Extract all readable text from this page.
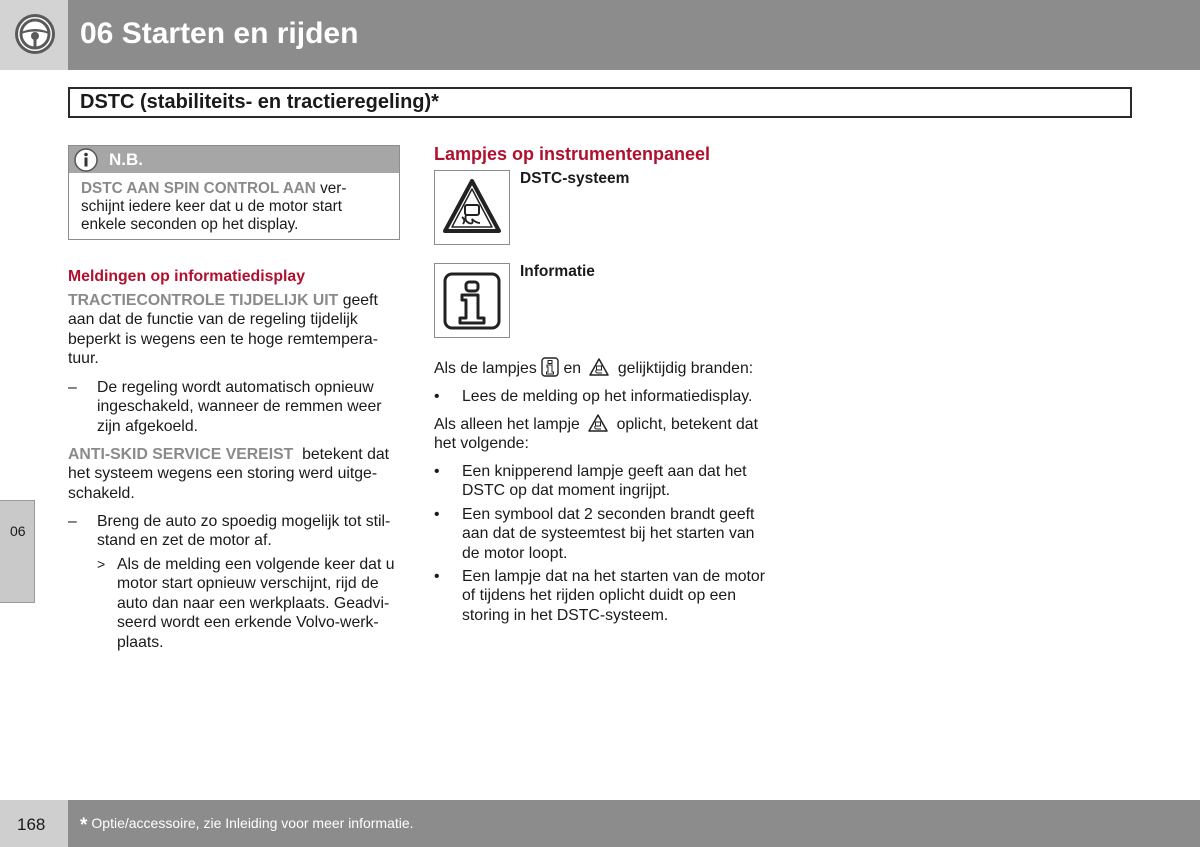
06 Starten en rijden
DSTC (stabiliteits- en tractieregeling)*
06
N.B.
DSTC AAN SPIN CONTROL AAN ver-
schijnt iedere keer dat u de motor start
enkele seconden op het display.
Meldingen op informatiedisplay
TRACTIECONTROLE TIJDELIJK UIT geeft
aan dat de functie van de regeling tijdelijk
beperkt is wegens een te hoge remtempera-
tuur.
– De regeling wordt automatisch opnieuw
ingeschakeld, wanneer de remmen weer
zijn afgekoeld.
ANTI-SKID SERVICE VEREIST  betekent dat
het systeem wegens een storing werd uitge-
schakeld.
– Breng de auto zo spoedig mogelijk tot stil-
stand en zet de motor af.
> Als de melding een volgende keer dat u
motor start opnieuw verschijnt, rijd de
auto dan naar een werkplaats. Geadvi-
seerd wordt een erkende Volvo-werk-
plaats.
Lampjes op instrumentenpaneel
DSTC-systeem
Informatie
Als de lampjes en gelijktijdig branden:
• Lees de melding op het informatiedisplay.
Als alleen het lampje oplicht, betekent dat
het volgende:
• Een knipperend lampje geeft aan dat het
DSTC op dat moment ingrijpt.
• Een symbool dat 2 seconden brandt geeft
aan dat de systeemtest bij het starten van
de motor loopt.
• Een lampje dat na het starten van de motor
of tijdens het rijden oplicht duidt op een
storing in het DSTC-systeem.
168 * Optie/accessoire, zie Inleiding voor meer informatie.
